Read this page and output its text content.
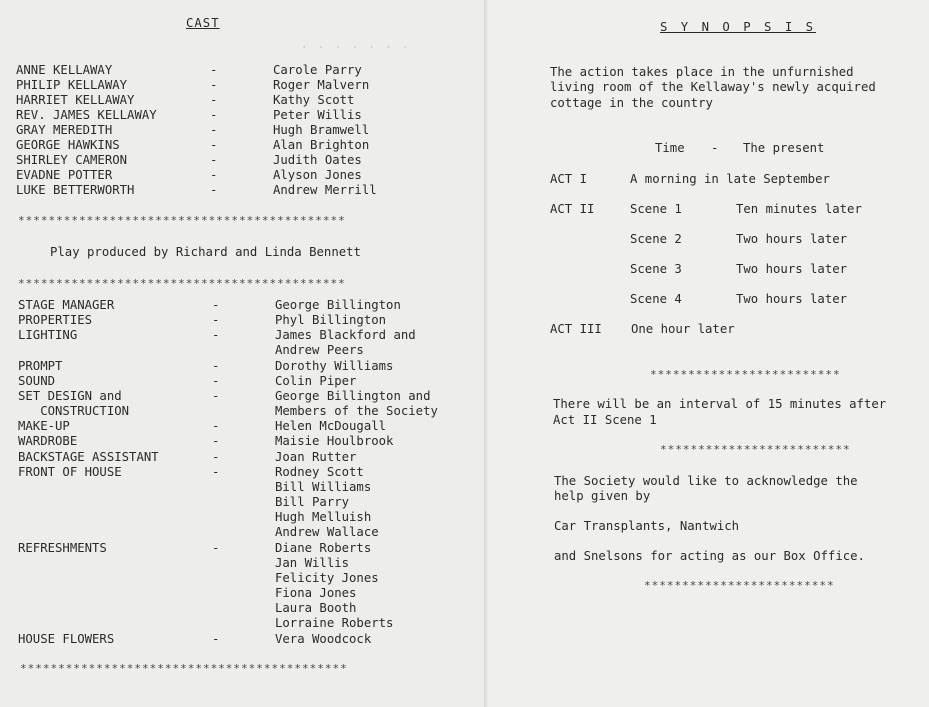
· · · · · · ·
CAST
ANNE KELLAWAY	-	Carole Parry
PHILIP KELLAWAY	-	Roger Malvern
HARRIET KELLAWAY	-	Kathy Scott
REV. JAMES KELLAWAY	-	Peter Willis
GRAY MEREDITH	-	Hugh Bramwell
GEORGE HAWKINS	-	Alan Brighton
SHIRLEY CAMERON	-	Judith Oates
EVADNE POTTER	-	Alyson Jones
LUKE BETTERWORTH	-	Andrew Merrill
*******************************************
Play produced by Richard and Linda Bennett
*******************************************
STAGE MANAGER	-	George Billington
PROPERTIES	-	Phyl Billington
LIGHTING	-	James Blackford and
Andrew Peers
PROMPT	-	Dorothy Williams
SOUND	-	Colin Piper
SET DESIGN and	-	George Billington and
CONSTRUCTION	Members of the Society
MAKE-UP	-	Helen McDougall
WARDROBE	-	Maisie Houlbrook
BACKSTAGE ASSISTANT	-	Joan Rutter
FRONT OF HOUSE	-	Rodney Scott
Bill Williams
Bill Parry
Hugh Melluish
Andrew Wallace
REFRESHMENTS	-	Diane Roberts
Jan Willis
Felicity Jones
Fiona Jones
Laura Booth
Lorraine Roberts
HOUSE FLOWERS	-	Vera Woodcock
*******************************************
S Y N O P S I S
The action takes place in the unfurnished
living room of the Kellaway's newly acquired
cottage in the country
Time - The present
ACT I	A morning in late September
ACT II	Scene 1	Ten minutes later
Scene 2	Two hours later
Scene 3	Two hours later
Scene 4	Two hours later
ACT III One hour later
*************************
There will be an interval of 15 minutes after
Act II Scene 1
*************************
The Society would like to acknowledge the
help given by
Car Transplants, Nantwich
and Snelsons for acting as our Box Office.
*************************
